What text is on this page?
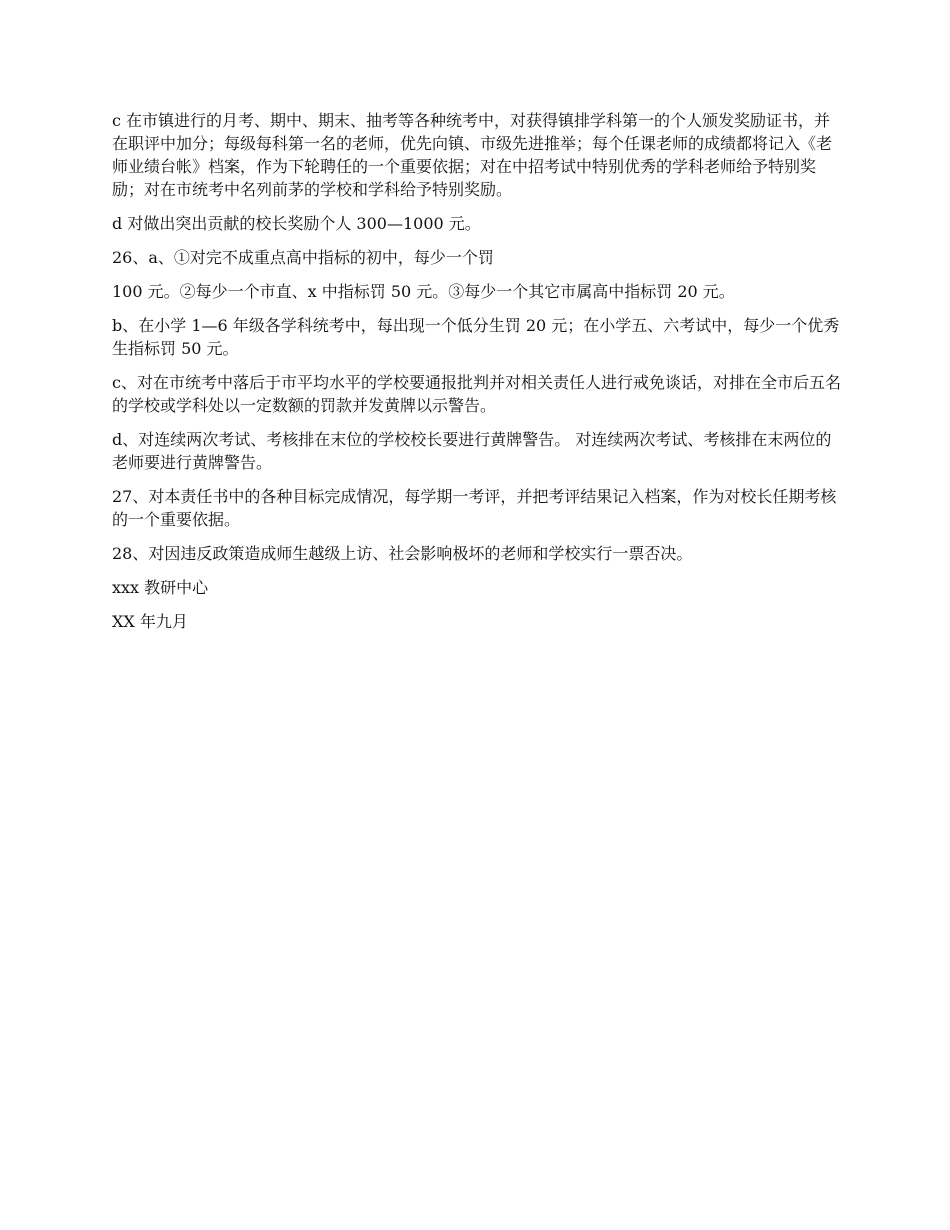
c 在市镇进行的月考、期中、期末、抽考等各种统考中，对获得镇排学科第一的个人颁发奖励证书，并在职评中加分；每级每科第一名的老师，优先向镇、市级先进推举；每个任课老师的成绩都将记入《老师业绩台帐》档案，作为下轮聘任的一个重要依据；对在中招考试中特别优秀的学科老师给予特别奖励；对在市统考中名列前茅的学校和学科给予特别奖励。

d 对做出突出贡献的校长奖励个人 300—1000 元。

26、a、①对完不成重点高中指标的初中，每少一个罚

100 元。②每少一个市直、x 中指标罚 50 元。③每少一个其它市属高中指标罚 20 元。

b、在小学 1—6 年级各学科统考中，每出现一个低分生罚 20 元；在小学五、六考试中，每少一个优秀生指标罚 50 元。

c、对在市统考中落后于市平均水平的学校要通报批判并对相关责任人进行戒免谈话，对排在全市后五名的学校或学科处以一定数额的罚款并发黄牌以示警告。

d、对连续两次考试、考核排在末位的学校校长要进行黄牌警告。 对连续两次考试、考核排在末两位的老师要进行黄牌警告。

27、对本责任书中的各种目标完成情况，每学期一考评，并把考评结果记入档案，作为对校长任期考核的一个重要依据。

28、对因违反政策造成师生越级上访、社会影响极坏的老师和学校实行一票否决。

xxx 教研中心

XX 年九月
